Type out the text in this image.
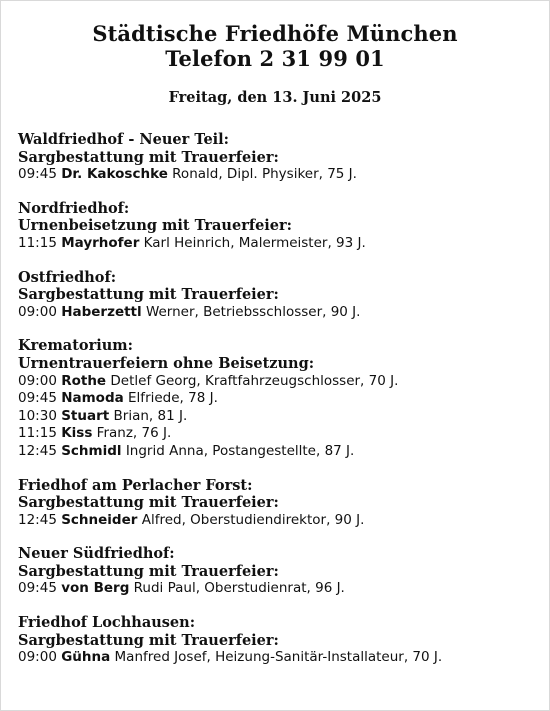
Städtische Friedhöfe München
Telefon 2 31 99 01
Freitag, den 13. Juni 2025
Waldfriedhof - Neuer Teil:
Sargbestattung mit Trauerfeier:
09:45 Dr. Kakoschke Ronald, Dipl. Physiker, 75 J.
Nordfriedhof:
Urnenbeisetzung mit Trauerfeier:
11:15 Mayrhofer Karl Heinrich, Malermeister, 93 J.
Ostfriedhof:
Sargbestattung mit Trauerfeier:
09:00 Haberzettl Werner, Betriebsschlosser, 90 J.
Krematorium:
Urnentrauerfeiern ohne Beisetzung:
09:00 Rothe Detlef Georg, Kraftfahrzeugschlosser, 70 J.
09:45 Namoda Elfriede, 78 J.
10:30 Stuart Brian, 81 J.
11:15 Kiss Franz, 76 J.
12:45 Schmidl Ingrid Anna, Postangestellte, 87 J.
Friedhof am Perlacher Forst:
Sargbestattung mit Trauerfeier:
12:45 Schneider Alfred, Oberstudiendirektor, 90 J.
Neuer Südfriedhof:
Sargbestattung mit Trauerfeier:
09:45 von Berg Rudi Paul, Oberstudienrat, 96 J.
Friedhof Lochhausen:
Sargbestattung mit Trauerfeier:
09:00 Gühna Manfred Josef, Heizung-Sanitär-Installateur, 70 J.
